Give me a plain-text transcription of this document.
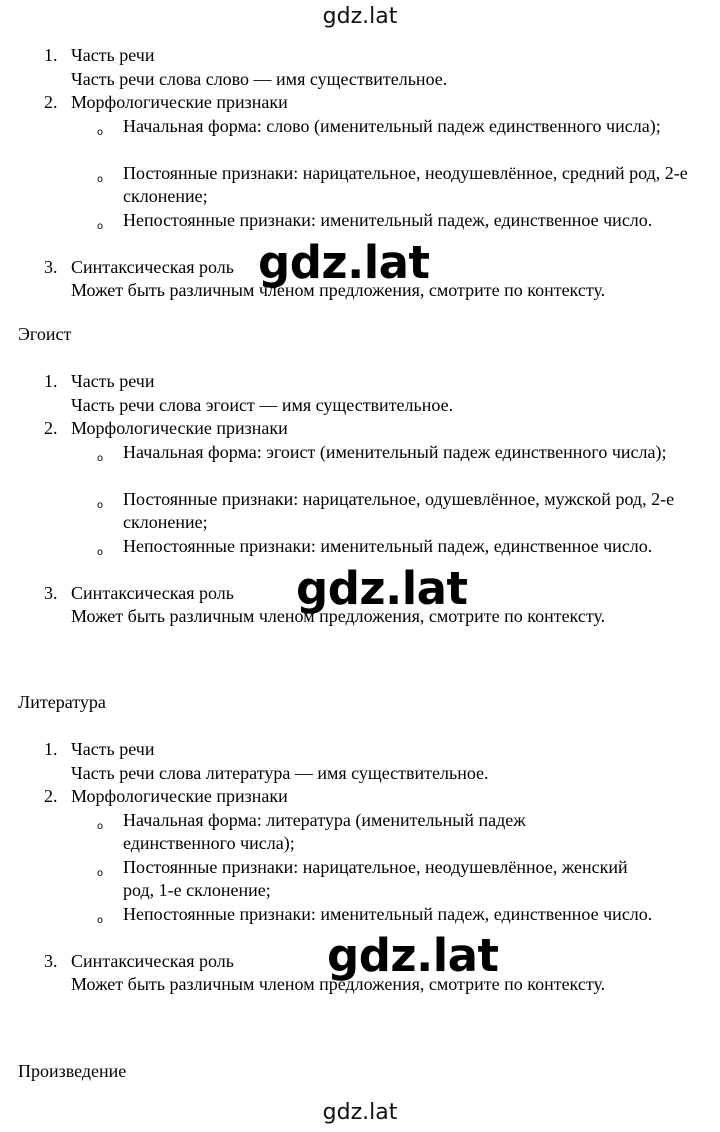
gdz.lat
1. Часть речи
Часть речи слова слово — имя существительное.
2. Морфологические признаки
o Начальная форма: слово (именительный падеж единственного числа);
o Постоянные признаки: нарицательное, неодушевлённое, средний род, 2-е склонение;
o Непостоянные признаки: именительный падеж, единственное число.
3. Синтаксическая роль
Может быть различным членом предложения, смотрите по контексту.
Эгоист
1. Часть речи
Часть речи слова эгоист — имя существительное.
2. Морфологические признаки
o Начальная форма: эгоист (именительный падеж единственного числа);
o Постоянные признаки: нарицательное, одушевлённое, мужской род, 2-е склонение;
o Непостоянные признаки: именительный падеж, единственное число.
3. Синтаксическая роль
Может быть различным членом предложения, смотрите по контексту.
Литература
1. Часть речи
Часть речи слова литература — имя существительное.
2. Морфологические признаки
o Начальная форма: литература (именительный падеж единственного числа);
o Постоянные признаки: нарицательное, неодушевлённое, женский род, 1-е склонение;
o Непостоянные признаки: именительный падеж, единственное число.
3. Синтаксическая роль
Может быть различным членом предложения, смотрите по контексту.
Произведение
gdz.lat
gdz.lat
gdz.lat
gdz.lat
